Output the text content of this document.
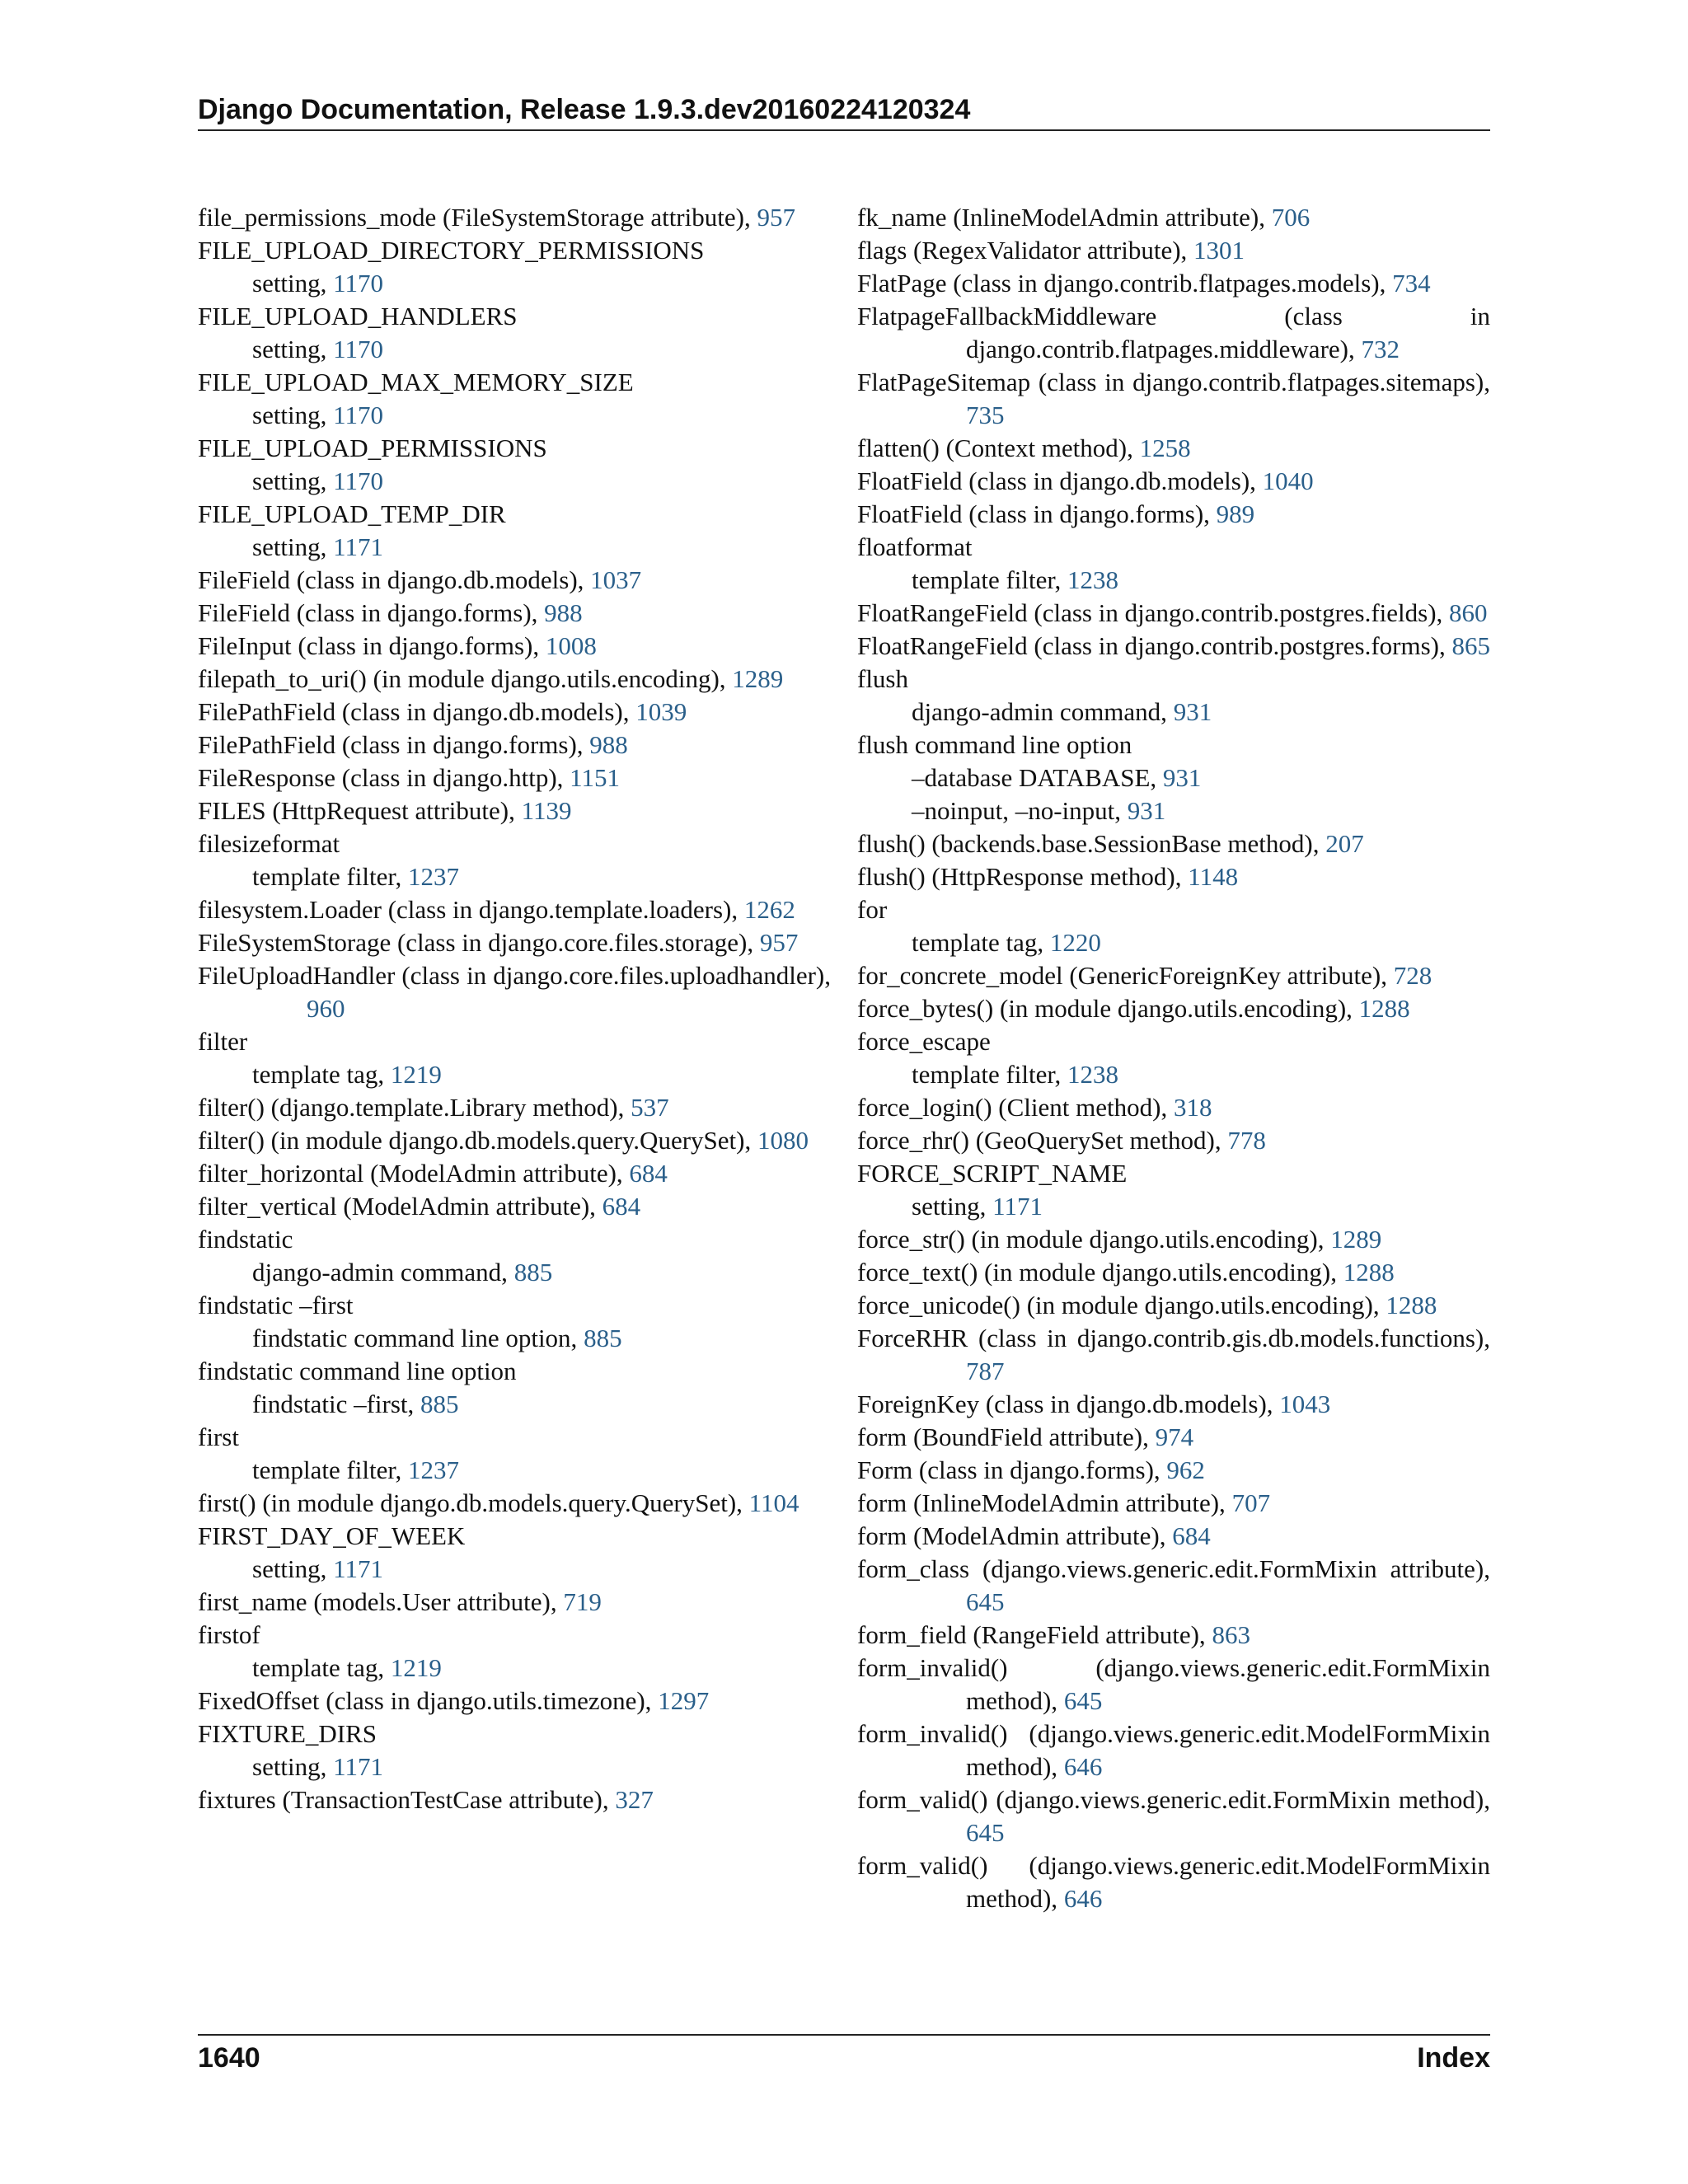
Django Documentation, Release 1.9.3.dev20160224120324
file_permissions_mode (FileSystemStorage attribute), 957
FILE_UPLOAD_DIRECTORY_PERMISSIONS
setting, 1170
FILE_UPLOAD_HANDLERS
setting, 1170
FILE_UPLOAD_MAX_MEMORY_SIZE
setting, 1170
FILE_UPLOAD_PERMISSIONS
setting, 1170
FILE_UPLOAD_TEMP_DIR
setting, 1171
FileField (class in django.db.models), 1037
FileField (class in django.forms), 988
FileInput (class in django.forms), 1008
filepath_to_uri() (in module django.utils.encoding), 1289
FilePathField (class in django.db.models), 1039
FilePathField (class in django.forms), 988
FileResponse (class in django.http), 1151
FILES (HttpRequest attribute), 1139
filesizeformat
template filter, 1237
filesystem.Loader (class in django.template.loaders), 1262
FileSystemStorage (class in django.core.files.storage), 957
FileUploadHandler (class in django.core.files.uploadhandler), 960
filter
template tag, 1219
filter() (django.template.Library method), 537
filter() (in module django.db.models.query.QuerySet), 1080
filter_horizontal (ModelAdmin attribute), 684
filter_vertical (ModelAdmin attribute), 684
findstatic
django-admin command, 885
findstatic –first
findstatic command line option, 885
findstatic command line option
findstatic –first, 885
first
template filter, 1237
first() (in module django.db.models.query.QuerySet), 1104
FIRST_DAY_OF_WEEK
setting, 1171
first_name (models.User attribute), 719
firstof
template tag, 1219
FixedOffset (class in django.utils.timezone), 1297
FIXTURE_DIRS
setting, 1171
fixtures (TransactionTestCase attribute), 327
fk_name (InlineModelAdmin attribute), 706
flags (RegexValidator attribute), 1301
FlatPage (class in django.contrib.flatpages.models), 734
FlatpageFallbackMiddleware (class in django.contrib.flatpages.middleware), 732
FlatPageSitemap (class in django.contrib.flatpages.sitemaps), 735
flatten() (Context method), 1258
FloatField (class in django.db.models), 1040
FloatField (class in django.forms), 989
floatformat
template filter, 1238
FloatRangeField (class in django.contrib.postgres.fields), 860
FloatRangeField (class in django.contrib.postgres.forms), 865
flush
django-admin command, 931
flush command line option
–database DATABASE, 931
–noinput, –no-input, 931
flush() (backends.base.SessionBase method), 207
flush() (HttpResponse method), 1148
for
template tag, 1220
for_concrete_model (GenericForeignKey attribute), 728
force_bytes() (in module django.utils.encoding), 1288
force_escape
template filter, 1238
force_login() (Client method), 318
force_rhr() (GeoQuerySet method), 778
FORCE_SCRIPT_NAME
setting, 1171
force_str() (in module django.utils.encoding), 1289
force_text() (in module django.utils.encoding), 1288
force_unicode() (in module django.utils.encoding), 1288
ForceRHR (class in django.contrib.gis.db.models.functions), 787
ForeignKey (class in django.db.models), 1043
form (BoundField attribute), 974
Form (class in django.forms), 962
form (InlineModelAdmin attribute), 707
form (ModelAdmin attribute), 684
form_class (django.views.generic.edit.FormMixin attribute), 645
form_field (RangeField attribute), 863
form_invalid() (django.views.generic.edit.FormMixin method), 645
form_invalid() (django.views.generic.edit.ModelFormMixin method), 646
form_valid() (django.views.generic.edit.FormMixin method), 645
form_valid() (django.views.generic.edit.ModelFormMixin method), 646
1640	Index
